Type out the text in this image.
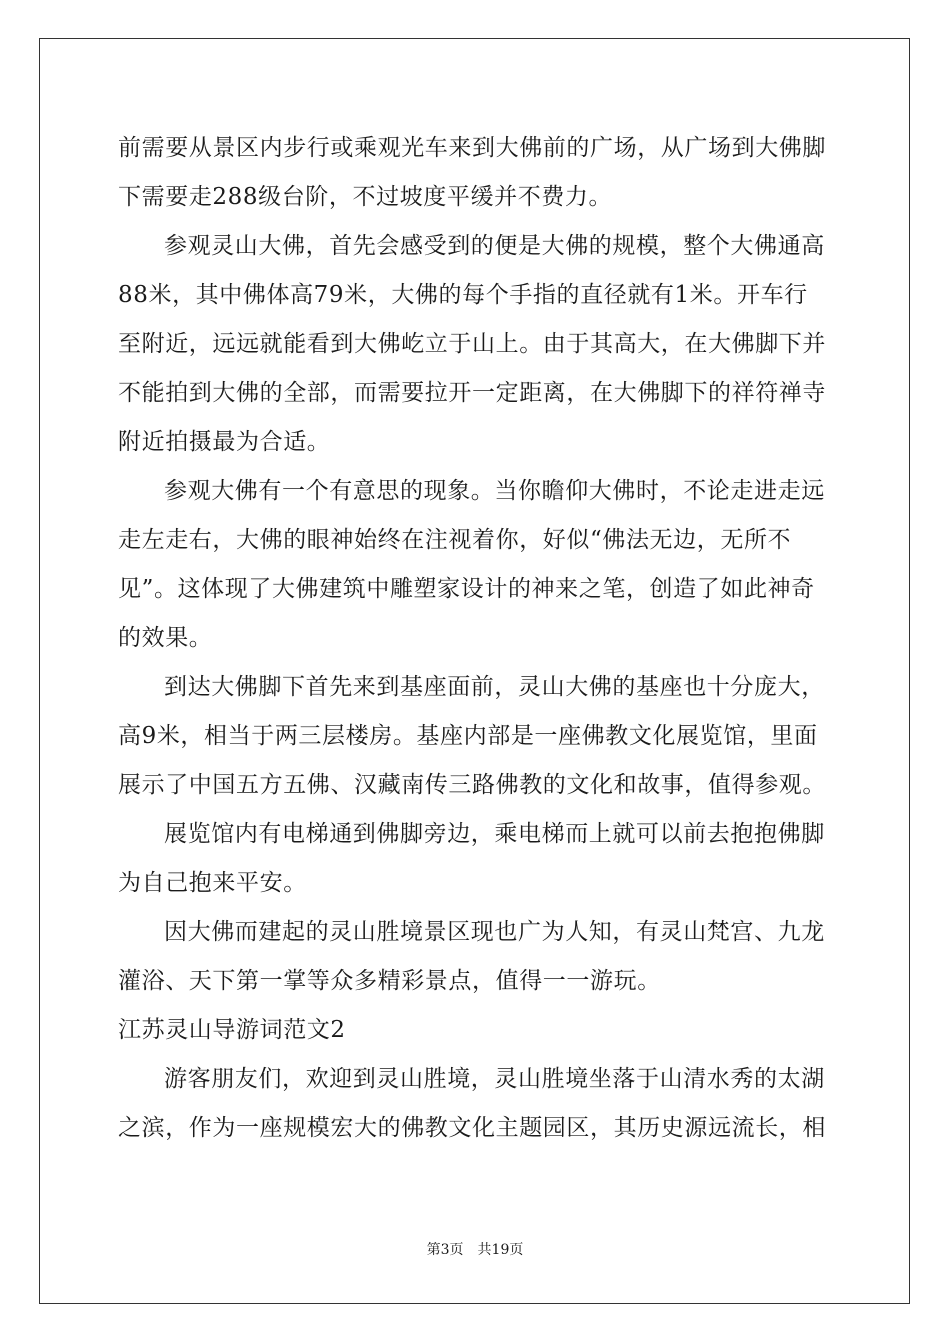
前需要从景区内步行或乘观光车来到大佛前的广场，从广场到大佛脚
下需要走288级台阶，不过坡度平缓并不费力。
参观灵山大佛，首先会感受到的便是大佛的规模，整个大佛通高
88米，其中佛体高79米，大佛的每个手指的直径就有1米。开车行
至附近，远远就能看到大佛屹立于山上。由于其高大，在大佛脚下并
不能拍到大佛的全部，而需要拉开一定距离，在大佛脚下的祥符禅寺
附近拍摄最为合适。
参观大佛有一个有意思的现象。当你瞻仰大佛时，不论走进走远
走左走右，大佛的眼神始终在注视着你，好似“佛法无边，无所不
见”。这体现了大佛建筑中雕塑家设计的神来之笔，创造了如此神奇
的效果。
到达大佛脚下首先来到基座面前，灵山大佛的基座也十分庞大，
高9米，相当于两三层楼房。基座内部是一座佛教文化展览馆，里面
展示了中国五方五佛、汉藏南传三路佛教的文化和故事，值得参观。
展览馆内有电梯通到佛脚旁边，乘电梯而上就可以前去抱抱佛脚
为自己抱来平安。
因大佛而建起的灵山胜境景区现也广为人知，有灵山梵宫、九龙
灌浴、天下第一掌等众多精彩景点，值得一一游玩。
江苏灵山导游词范文2
游客朋友们，欢迎到灵山胜境，灵山胜境坐落于山清水秀的太湖
之滨，作为一座规模宏大的佛教文化主题园区，其历史源远流长，相
第3页 共19页
